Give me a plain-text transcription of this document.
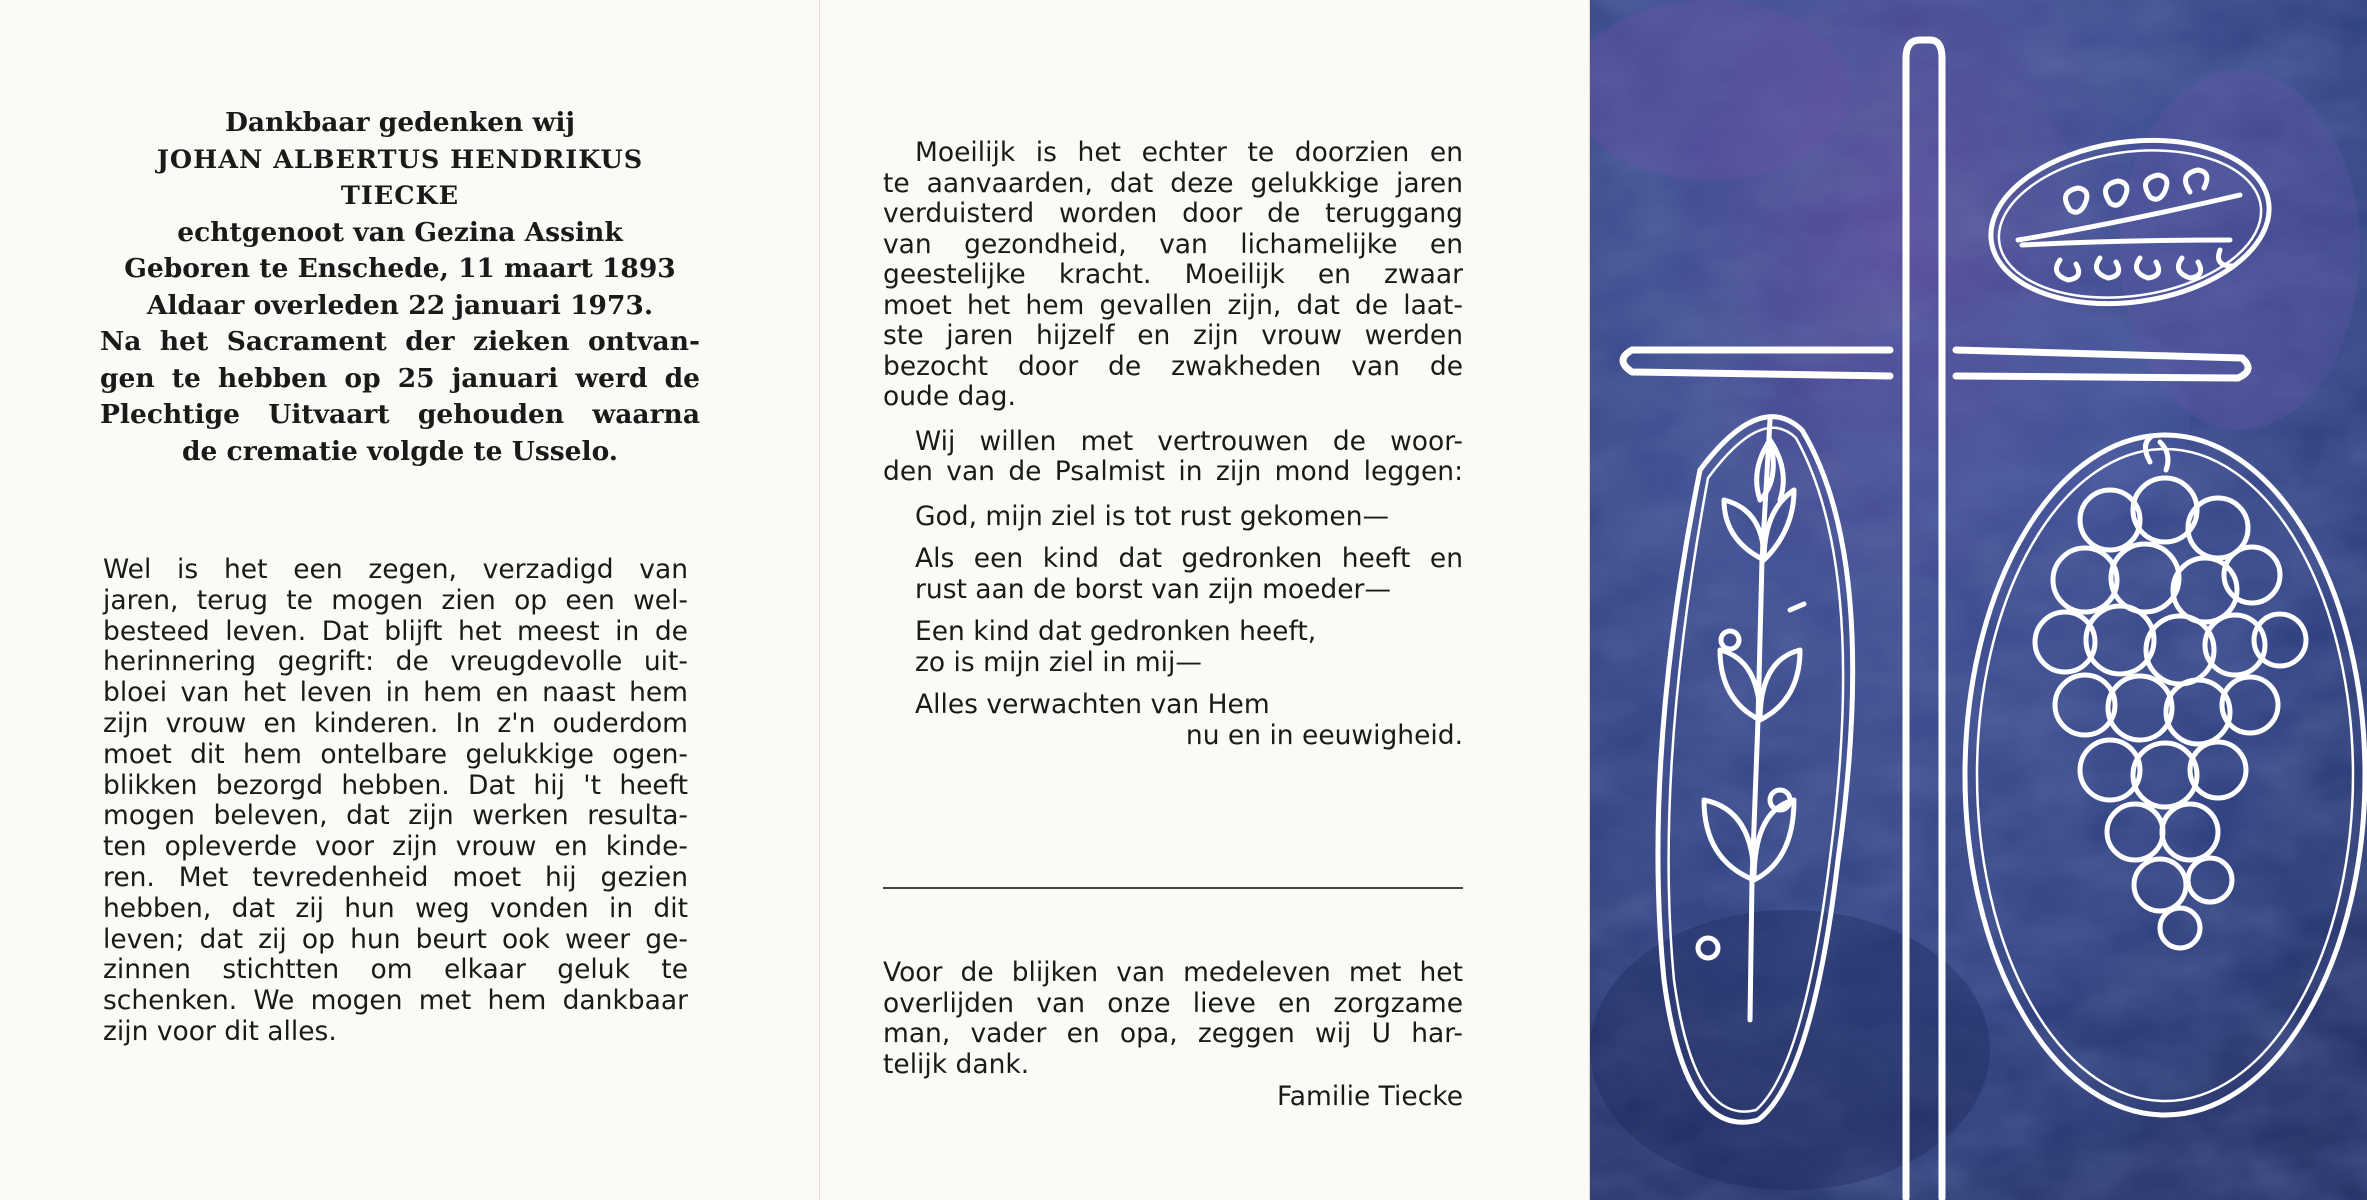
Dankbaar gedenken wij
JOHAN ALBERTUS HENDRIKUS
TIECKE
echtgenoot van Gezina Assink
Geboren te Enschede, 11 maart 1893
Aldaar overleden 22 januari 1973.
Na het Sacrament der zieken ontvan-
gen te hebben op 25 januari werd de
Plechtige Uitvaart gehouden waarna
de crematie volgde te Usselo.
Wel is het een zegen, verzadigd van
jaren, terug te mogen zien op een wel-
besteed leven. Dat blijft het meest in de
herinnering gegrift: de vreugdevolle uit-
bloei van het leven in hem en naast hem
zijn vrouw en kinderen. In z'n ouderdom
moet dit hem ontelbare gelukkige ogen-
blikken bezorgd hebben. Dat hij 't heeft
mogen beleven, dat zijn werken resulta-
ten opleverde voor zijn vrouw en kinde-
ren. Met tevredenheid moet hij gezien
hebben, dat zij hun weg vonden in dit
leven; dat zij op hun beurt ook weer ge-
zinnen stichtten om elkaar geluk te
schenken. We mogen met hem dankbaar
zijn voor dit alles.
Moeilijk is het echter te doorzien en
te aanvaarden, dat deze gelukkige jaren
verduisterd worden door de teruggang
van gezondheid, van lichamelijke en
geestelijke kracht. Moeilijk en zwaar
moet het hem gevallen zijn, dat de laat-
ste jaren hijzelf en zijn vrouw werden
bezocht door de zwakheden van de
oude dag.
Wij willen met vertrouwen de woor-
den van de Psalmist in zijn mond leggen:
God, mijn ziel is tot rust gekomen—
Als een kind dat gedronken heeft en
rust aan de borst van zijn moeder—
Een kind dat gedronken heeft,
zo is mijn ziel in mij—
Alles verwachten van Hem
nu en in eeuwigheid.
Voor de blijken van medeleven met het
overlijden van onze lieve en zorgzame
man, vader en opa, zeggen wij U har-
telijk dank.
Familie Tiecke
